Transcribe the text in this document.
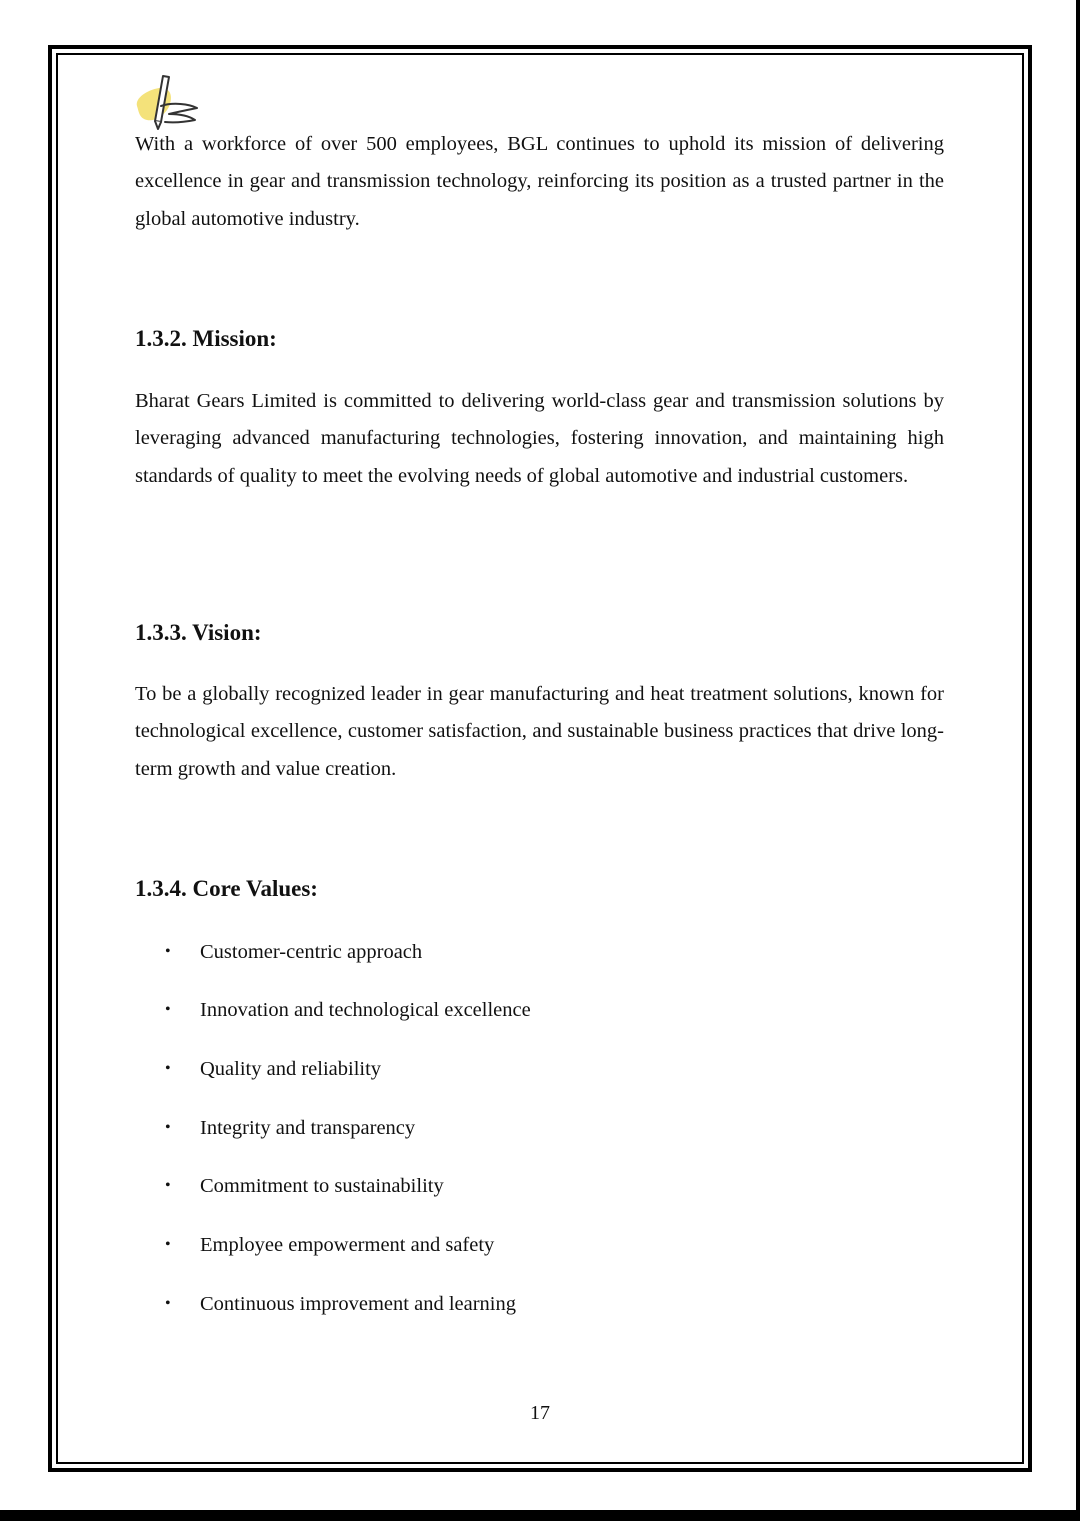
With a workforce of over 500 employees, BGL continues to uphold its mission of delivering excellence in gear and transmission technology, reinforcing its position as a trusted partner in the global automotive industry.

1.3.2. Mission:

Bharat Gears Limited is committed to delivering world-class gear and transmission solutions by leveraging advanced manufacturing technologies, fostering innovation, and maintaining high standards of quality to meet the evolving needs of global automotive and industrial customers.

1.3.3. Vision:

To be a globally recognized leader in gear manufacturing and heat treatment solutions, known for technological excellence, customer satisfaction, and sustainable business practices that drive long-term growth and value creation.

1.3.4. Core Values:
• Customer-centric approach
• Innovation and technological excellence
• Quality and reliability
• Integrity and transparency
• Commitment to sustainability
• Employee empowerment and safety
• Continuous improvement and learning
17
